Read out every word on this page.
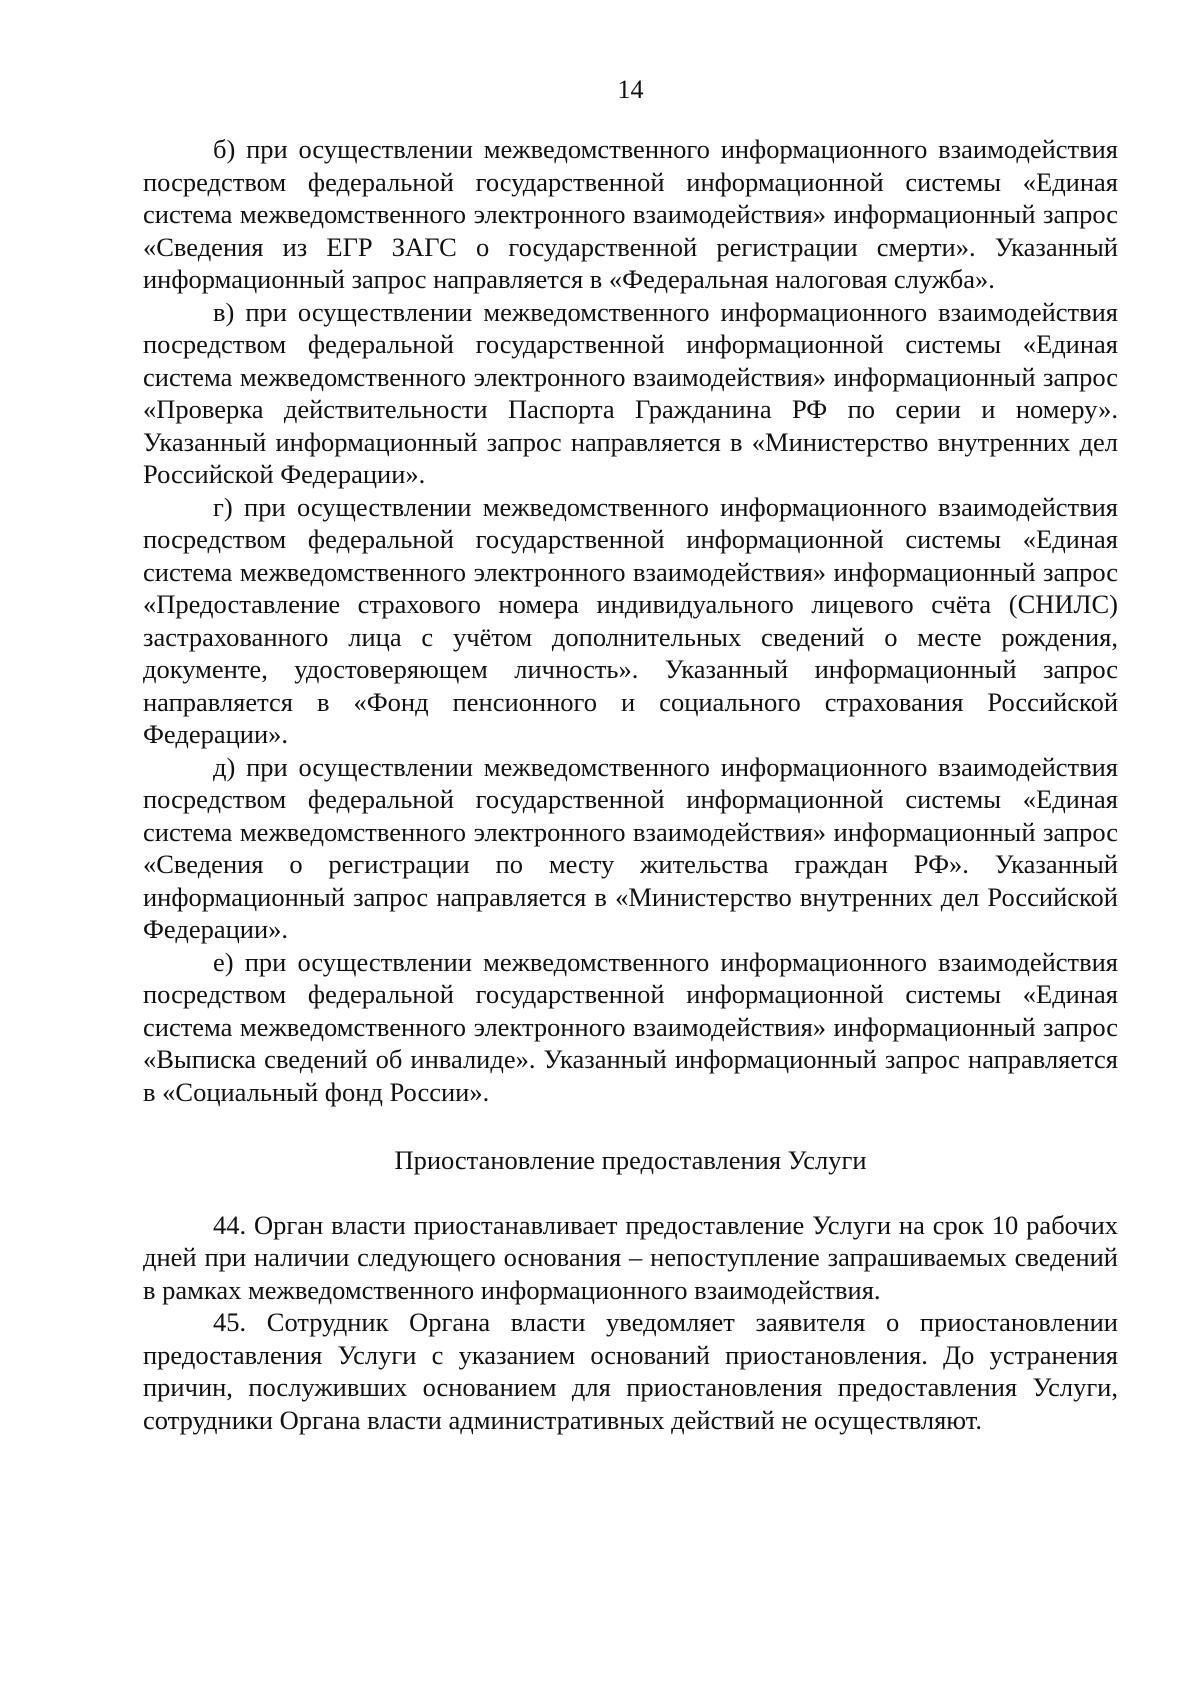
14

б) при осуществлении межведомственного информационного взаимодействия посредством федеральной государственной информационной системы «Единая система межведомственного электронного взаимодействия» информационный запрос «Сведения из ЕГР ЗАГС о государственной регистрации смерти». Указанный информационный запрос направляется в «Федеральная налоговая служба».

в) при осуществлении межведомственного информационного взаимодействия посредством федеральной государственной информационной системы «Единая система межведомственного электронного взаимодействия» информационный запрос «Проверка действительности Паспорта Гражданина РФ по серии и номеру». Указанный информационный запрос направляется в «Министерство внутренних дел Российской Федерации».

г) при осуществлении межведомственного информационного взаимодействия посредством федеральной государственной информационной системы «Единая система межведомственного электронного взаимодействия» информационный запрос «Предоставление страхового номера индивидуального лицевого счёта (СНИЛС) застрахованного лица с учётом дополнительных сведений о месте рождения, документе, удостоверяющем личность». Указанный информационный запрос направляется в «Фонд пенсионного и социального страхования Российской Федерации».

д) при осуществлении межведомственного информационного взаимодействия посредством федеральной государственной информационной системы «Единая система межведомственного электронного взаимодействия» информационный запрос «Сведения о регистрации по месту жительства граждан РФ». Указанный информационный запрос направляется в «Министерство внутренних дел Российской Федерации».

е) при осуществлении межведомственного информационного взаимодействия посредством федеральной государственной информационной системы «Единая система межведомственного электронного взаимодействия» информационный запрос «Выписка сведений об инвалиде». Указанный информационный запрос направляется в «Социальный фонд России».

Приостановление предоставления Услуги

44. Орган власти приостанавливает предоставление Услуги на срок 10 рабочих дней при наличии следующего основания – непоступление запрашиваемых сведений в рамках межведомственного информационного взаимодействия.

45. Сотрудник Органа власти уведомляет заявителя о приостановлении предоставления Услуги с указанием оснований приостановления. До устранения причин, послуживших основанием для приостановления предоставления Услуги, сотрудники Органа власти административных действий не осуществляют.
